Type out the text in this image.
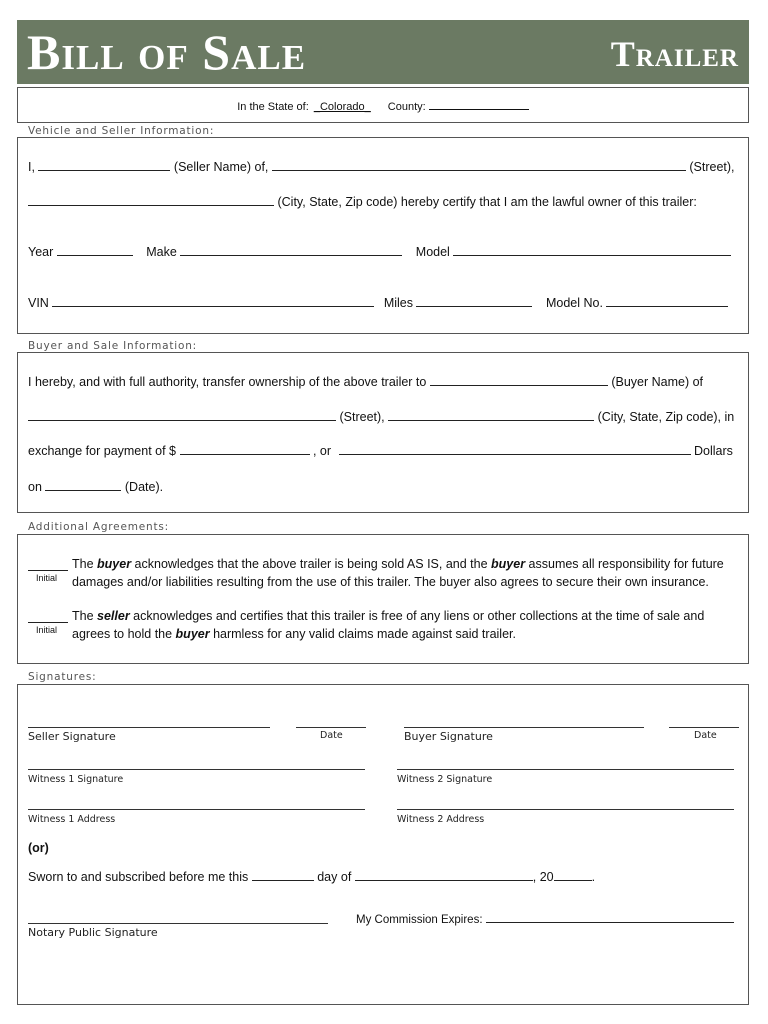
Bill of Sale	Trailer
In the State of: _Colorado_ County:
Vehicle and Seller Information:
I,	(Seller Name) of,	(Street),
(City, State, Zip code) hereby certify that I am the lawful owner of this trailer:
Year	Make	Model
VIN	Miles	Model No.
Buyer and Sale Information:
I hereby, and with full authority, transfer ownership of the above trailer to	(Buyer Name) of
(Street),	(City, State, Zip code), in
exchange for payment of $	, or	Dollars
on	(Date).
Additional Agreements:
Initial
The buyer acknowledges that the above trailer is being sold AS IS, and the buyer assumes all responsibility for future
damages and/or liabilities resulting from the use of this trailer. The buyer also agrees to secure their own insurance.
Initial
The seller acknowledges and certifies that this trailer is free of any liens or other collections at the time of sale and
agrees to hold the buyer harmless for any valid claims made against said trailer.
Signatures:
Seller Signature	Date	Buyer Signature	Date
Witness 1 Signature	Witness 2 Signature
Witness 1 Address	Witness 2 Address
(or)
Sworn to and subscribed before me this	day of	, 20	.
Notary Public Signature
My Commission Expires:
